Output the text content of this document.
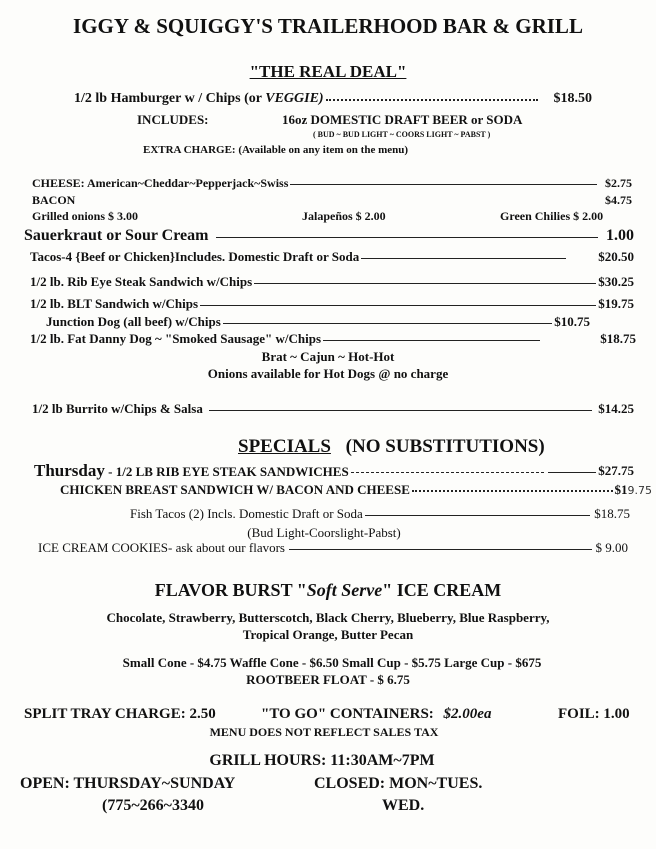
IGGY & SQUIGGY'S TRAILERHOOD BAR & GRILL
"THE REAL DEAL"
1/2 lb Hamburger w / Chips (or VEGGIE)	$18.50
INCLUDES:	16oz DOMESTIC DRAFT BEER or SODA
( BUD ~ BUD LIGHT ~ COORS LIGHT ~ PABST )
EXTRA CHARGE: (Available on any item on the menu)
CHEESE: American~Cheddar~Pepperjack~Swiss	$2.75
BACON	$4.75
Grilled onions $ 3.00	Jalapeños $ 2.00	Green Chilies $ 2.00
Sauerkraut or Sour Cream	1.00
Tacos-4 {Beef or Chicken}Includes. Domestic Draft or Soda	$20.50
1/2 lb. Rib Eye Steak Sandwich w/Chips	$30.25
1/2 lb. BLT Sandwich w/Chips	$19.75
Junction Dog (all beef) w/Chips	$10.75
1/2 lb. Fat Danny Dog ~ "Smoked Sausage" w/Chips	$18.75
Brat ~ Cajun ~ Hot-Hot
Onions available for Hot Dogs @ no charge
1/2 lb Burrito w/Chips & Salsa	$14.25
SPECIALS (NO SUBSTITUTIONS)
Thursday - 1/2 LB RIB EYE STEAK SANDWICHES	$27.75
CHICKEN BREAST SANDWICH W/ BACON AND CHEESE	$19.75
Fish Tacos (2) Incls. Domestic Draft or Soda	$18.75
(Bud Light-Coorslight-Pabst)
ICE CREAM COOKIES- ask about our flavors	$ 9.00
FLAVOR BURST "Soft Serve" ICE CREAM
Chocolate, Strawberry, Butterscotch, Black Cherry, Blueberry, Blue Raspberry,
Tropical Orange, Butter Pecan
Small Cone - $4.75 Waffle Cone - $6.50 Small Cup - $5.75 Large Cup - $675
ROOTBEER FLOAT - $ 6.75
SPLIT TRAY CHARGE: 2.50	"TO GO" CONTAINERS: $2.00ea	FOIL: 1.00
MENU DOES NOT REFLECT SALES TAX
GRILL HOURS: 11:30AM~7PM
OPEN: THURSDAY~SUNDAY	CLOSED: MON~TUES.
(775~266~3340	WED.
